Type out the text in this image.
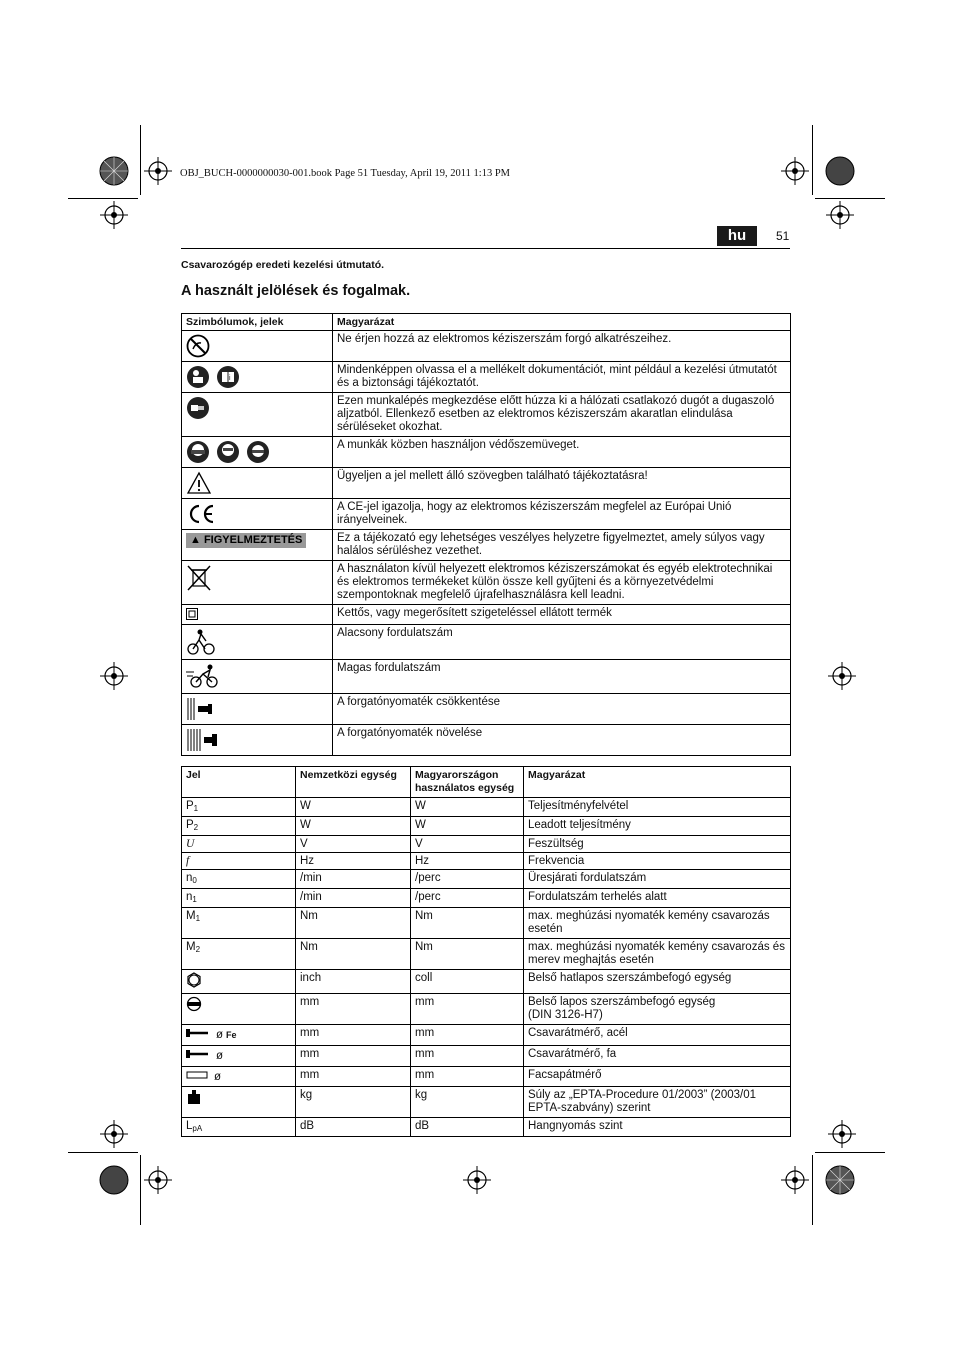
OBJ_BUCH-0000000030-001.book Page 51 Tuesday, April 19, 2011 1:13 PM
hu	51
Csavarozógép eredeti kezelési útmutató.
A használt jelölések és fogalmak.
Szimbólumok, jelek	Magyarázat
	Ne érjen hozzá az elektromos kéziszerszám forgó alkatrészeihez.

i	Mindenképpen olvassa el a mellékelt dokumentációt, mint például a kezelési útmutatót és a biztonsági tájékoztatót.
	Ezen munkalépés megkezdése előtt húzza ki a hálózati csatlakozó dugót a dugaszoló aljzatból. Ellenkező esetben az elektromos kéziszerszám akaratlan elindulása sérüléseket okozhat.
	A munkák közben használjon védőszemüveget.
	Ügyeljen a jel mellett álló szövegben található tájékoztatásra!
	A CE-jel igazolja, hogy az elektromos kéziszerszám megfelel az Európai Unió irányelveinek.
▲ FIGYELMEZTETÉS	Ez a tájékozató egy lehetséges veszélyes helyzetre figyelmeztet, amely súlyos vagy halálos sérüléshez vezethet.
	A használaton kívül helyezett elektromos kéziszerszámokat és egyéb elektrotechnikai és elektromos termékeket külön össze kell gyűjteni és a környezetvédelmi szempontoknak megfelelő újrafelhasználásra kell leadni.
	Kettős, vagy megerősített szigeteléssel ellátott termék
	Alacsony fordulatszám
	Magas fordulatszám
	A forgatónyomaték csökkentése
	A forgatónyomaték növelése
Jel	Nemzetközi egység	Magyarországon használatos egység	Magyarázat
$P_1$	W	W	Teljesítményfelvétel
$P_2$	W	W	Leadott teljesítmény
U	V	V	Feszültség
f	Hz	Hz	Frekvencia
$n_0$	/min	/perc	Üresjárati fordulatszám
$n_1$	/min	/perc	Fordulatszám terhelés alatt
$M_1$	Nm	Nm	max. meghúzási nyomaték kemény csavarozás esetén
$M_2$	Nm	Nm	max. meghúzási nyomaték kemény csavarozás és merev meghajtás esetén
	inch	coll	Belső hatlapos szerszámbefogó egység
	mm	mm	Belső lapos szerszámbefogó egység
(DIN 3126-H7)
ø Fe	mm	mm	Csavarátmérő, acél
ø	mm	mm	Csavarátmérő, fa
ø	mm	mm	Facsapátmérő
	kg	kg	Súly az „EPTA-Procedure 01/2003” (2003/01 EPTA-szabvány) szerint
$L_{pA}$	dB	dB	Hangnyomás szint
